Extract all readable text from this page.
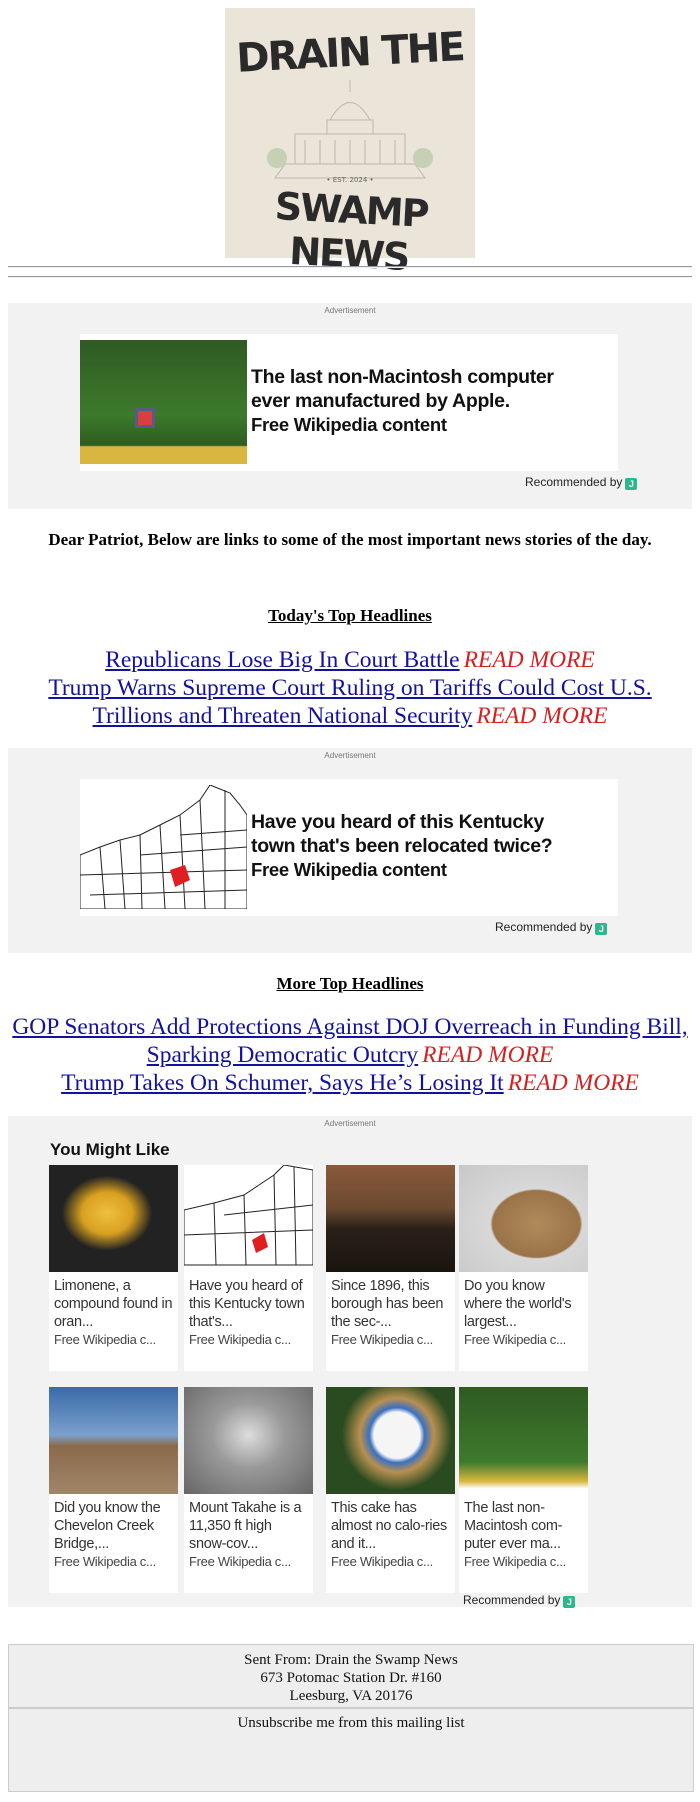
DRAIN THE
• EST. 2024 •
SWAMP NEWS
Advertisement
The last non-Macintosh computer
ever manufactured by Apple.
Free Wikipedia content
Recommended by J
Dear Patriot, Below are links to some of the most important news stories of the day.
Today's Top Headlines
Republicans Lose Big In Court Battle READ MORE
Trump Warns Supreme Court Ruling on Tariffs Could Cost U.S. Trillions and Threaten National Security READ MORE
Advertisement
Have you heard of this Kentucky
town that's been relocated twice?
Free Wikipedia content
Recommended by J
More Top Headlines
GOP Senators Add Protections Against DOJ Overreach in Funding Bill, Sparking Democratic Outcry READ MORE
Trump Takes On Schumer, Says He’s Losing It READ MORE
Advertisement
You Might Like
Recommended by J
Limonene, a compound found in oran...
Free Wikipedia c...
Have you heard of this Kentucky town that's...
Free Wikipedia c...
Since 1896, this borough has been the sec-...
Free Wikipedia c...
Do you know where the world's largest...
Free Wikipedia c...
Did you know the Chevelon Creek Bridge,...
Free Wikipedia c...
Mount Takahe is a 11,350 ft high snow-cov...
Free Wikipedia c...
This cake has almost no calo-ries and it...
Free Wikipedia c...
The last non-Macintosh com-puter ever ma...
Free Wikipedia c...
Sent From: Drain the Swamp News
673 Potomac Station Dr. #160
Leesburg, VA 20176
Unsubscribe me from this mailing list
